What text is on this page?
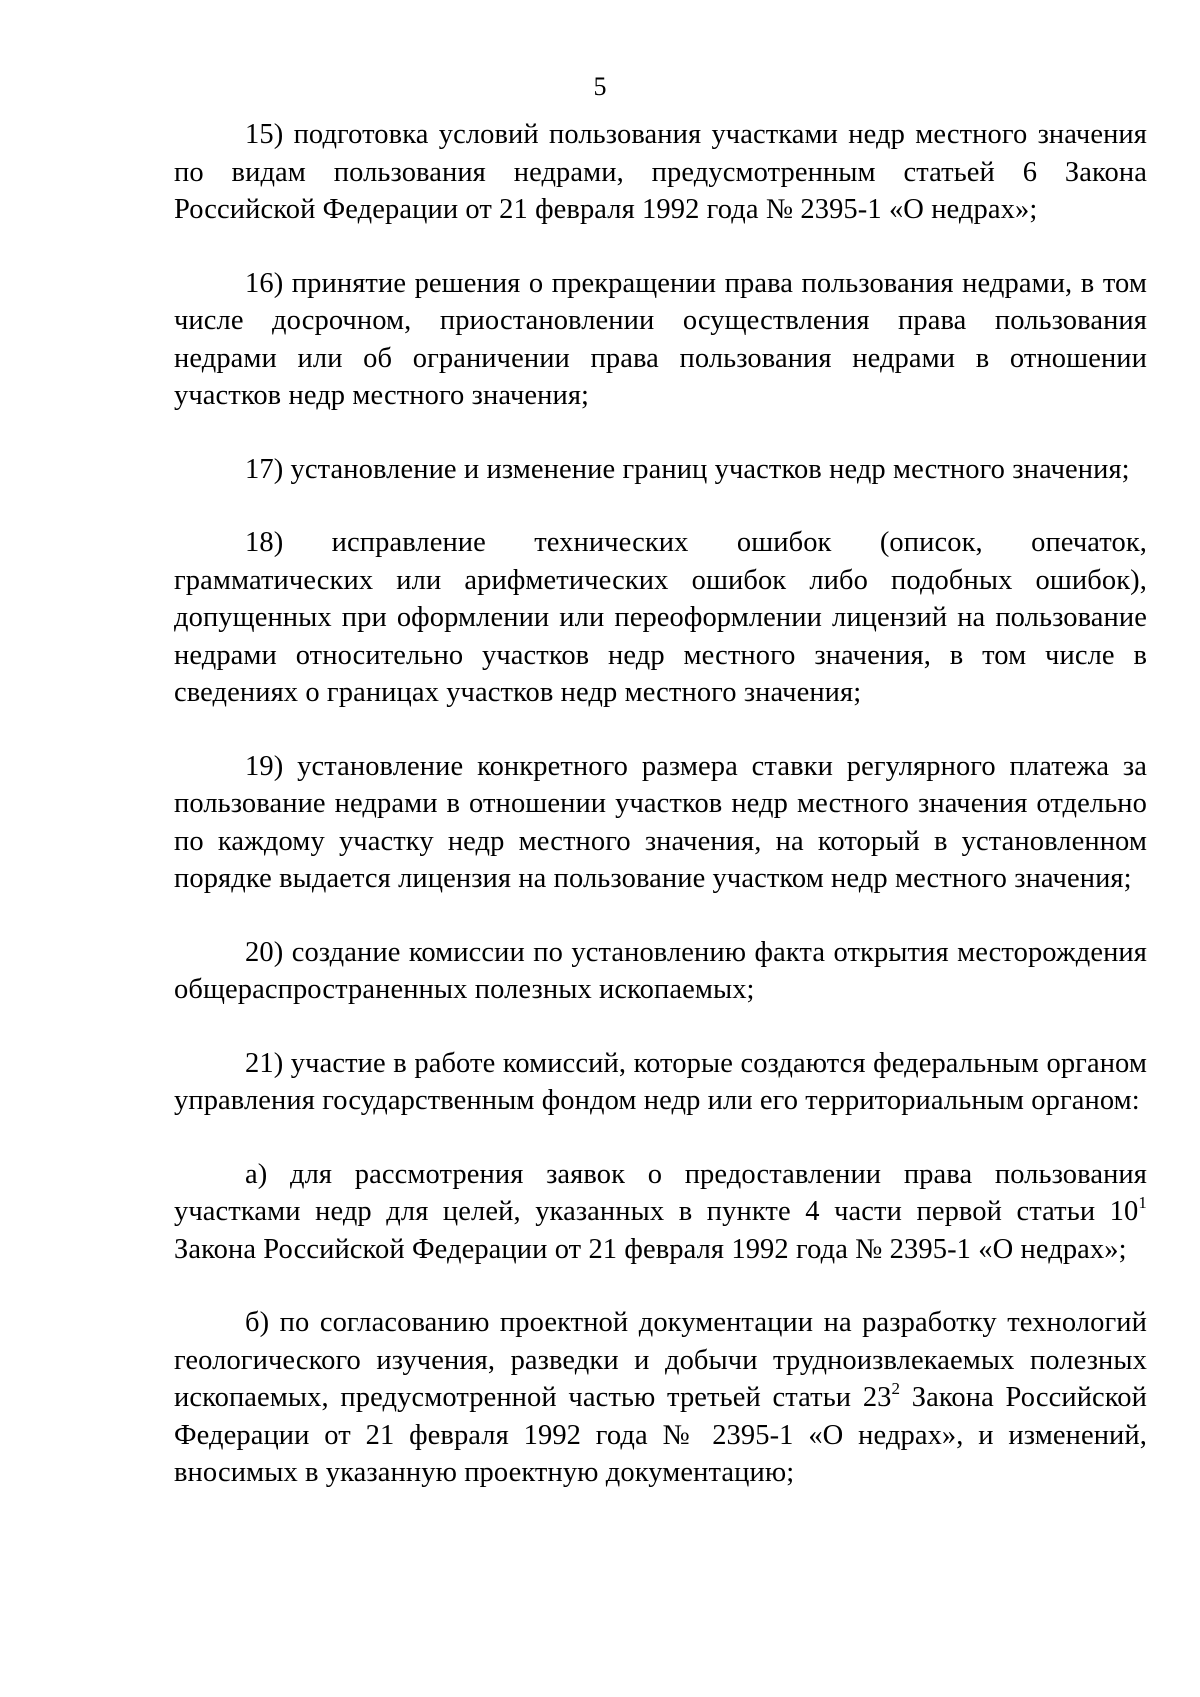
5

15) подготовка условий пользования участками недр местного значения по видам пользования недрами, предусмотренным статьей 6 Закона Российской Федерации от 21 февраля 1992 года № 2395-1 «О недрах»;

16) принятие решения о прекращении права пользования недрами, в том числе досрочном, приостановлении осуществления права пользования недрами или об ограничении права пользования недрами в отношении участков недр местного значения;

17) установление и изменение границ участков недр местного значения;

18) исправление технических ошибок (описок, опечаток, грамматических или арифметических ошибок либо подобных ошибок), допущенных при оформлении или переоформлении лицензий на пользование недрами относительно участков недр местного значения, в том числе в сведениях о границах участков недр местного значения;

19) установление конкретного размера ставки регулярного платежа за пользование недрами в отношении участков недр местного значения отдельно по каждому участку недр местного значения, на который в установленном порядке выдается лицензия на пользование участком недр местного значения;

20) создание комиссии по установлению факта открытия месторождения общераспространенных полезных ископаемых;

21) участие в работе комиссий, которые создаются федеральным органом управления государственным фондом недр или его территориальным органом:

а) для рассмотрения заявок о предоставлении права пользования участками недр для целей, указанных в пункте 4 части первой статьи $10^1$ Закона Российской Федерации от 21 февраля 1992 года № 2395-1 «О недрах»;

б) по согласованию проектной документации на разработку технологий геологического изучения, разведки и добычи трудноизвлекаемых полезных ископаемых, предусмотренной частью третьей статьи $23^2$ Закона Российской Федерации от 21 февраля 1992 года № 2395-1 «О недрах», и изменений, вносимых в указанную проектную документацию;
